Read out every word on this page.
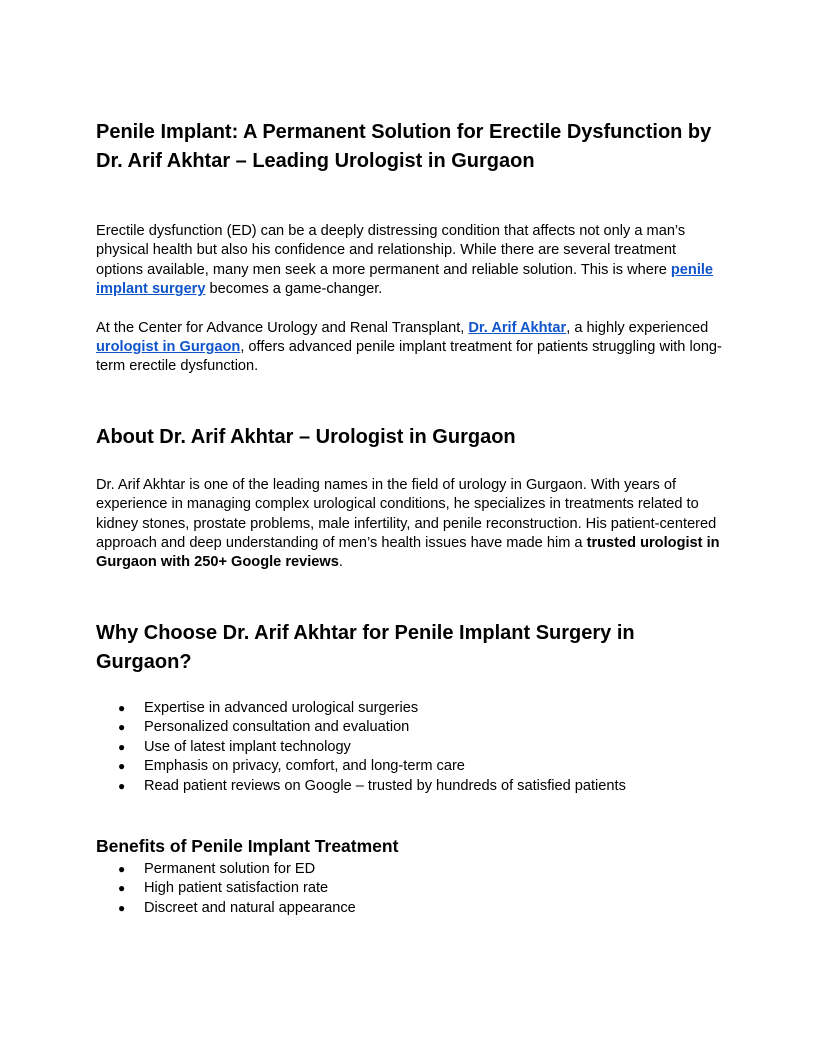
Penile Implant: A Permanent Solution for Erectile Dysfunction by Dr. Arif Akhtar – Leading Urologist in Gurgaon

Erectile dysfunction (ED) can be a deeply distressing condition that affects not only a man’s physical health but also his confidence and relationship. While there are several treatment options available, many men seek a more permanent and reliable solution. This is where penile implant surgery becomes a game-changer.

At the Center for Advance Urology and Renal Transplant, Dr. Arif Akhtar, a highly experienced urologist in Gurgaon, offers advanced penile implant treatment for patients struggling with long-term erectile dysfunction.

About Dr. Arif Akhtar – Urologist in Gurgaon

Dr. Arif Akhtar is one of the leading names in the field of urology in Gurgaon. With years of experience in managing complex urological conditions, he specializes in treatments related to kidney stones, prostate problems, male infertility, and penile reconstruction. His patient-centered approach and deep understanding of men’s health issues have made him a trusted urologist in Gurgaon with 250+ Google reviews.

Why Choose Dr. Arif Akhtar for Penile Implant Surgery in Gurgaon?
● Expertise in advanced urological surgeries
● Personalized consultation and evaluation
● Use of latest implant technology
● Emphasis on privacy, comfort, and long-term care
● Read patient reviews on Google – trusted by hundreds of satisfied patients
Benefits of Penile Implant Treatment
● Permanent solution for ED
● High patient satisfaction rate
● Discreet and natural appearance
